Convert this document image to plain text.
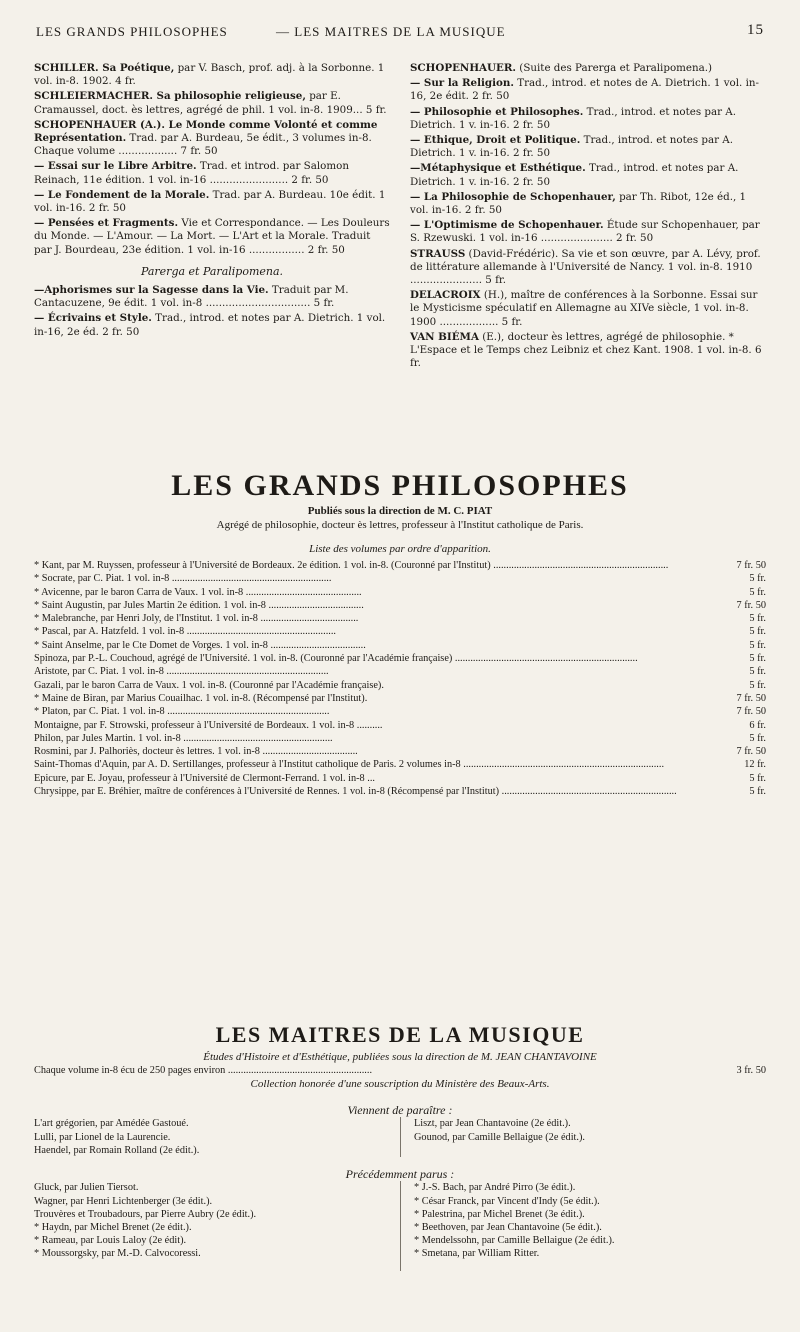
LES GRANDS PHILOSOPHES	— LES MAITRES DE LA MUSIQUE	15

SCHILLER. Sa Poétique, par V. Basch, prof. adj. à la Sorbonne. 1 vol. in-8. 1902. 4 fr.

SCHLEIERMACHER. Sa philosophie religieuse, par E. Cramaussel, doct. ès lettres, agrégé de phil. 1 vol. in-8. 1909... 5 fr.

SCHOPENHAUER (A.). Le Monde comme Volonté et comme Représentation. Trad. par A. Burdeau, 5e édit., 3 volumes in-8. Chaque volume .................. 7 fr. 50

— Essai sur le Libre Arbitre. Trad. et introd. par Salomon Reinach, 11e édition. 1 vol. in-16 ........................ 2 fr. 50

— Le Fondement de la Morale. Trad. par A. Burdeau. 10e édit. 1 vol. in-16. 2 fr. 50

— Pensées et Fragments. Vie et Correspondance. — Les Douleurs du Monde. — L'Amour. — La Mort. — L'Art et la Morale. Traduit par J. Bourdeau, 23e édition. 1 vol. in-16 ................. 2 fr. 50

Parerga et Paralipomena.

—Aphorismes sur la Sagesse dans la Vie. Traduit par M. Cantacuzene, 9e édit. 1 vol. in-8 ................................ 5 fr.

— Écrivains et Style. Trad., introd. et notes par A. Dietrich. 1 vol. in-16, 2e éd. 2 fr. 50

SCHOPENHAUER. (Suite des Parerga et Paralipomena.)

— Sur la Religion. Trad., introd. et notes de A. Dietrich. 1 vol. in-16, 2e édit. 2 fr. 50

— Philosophie et Philosophes. Trad., introd. et notes par A. Dietrich. 1 v. in-16. 2 fr. 50

— Ethique, Droit et Politique. Trad., introd. et notes par A. Dietrich. 1 v. in-16. 2 fr. 50

—Métaphysique et Esthétique. Trad., introd. et notes par A. Dietrich. 1 v. in-16. 2 fr. 50

— La Philosophie de Schopenhauer, par Th. Ribot, 12e éd., 1 vol. in-16. 2 fr. 50

— L'Optimisme de Schopenhauer. Étude sur Schopenhauer, par S. Rzewuski. 1 vol. in-16 ...................... 2 fr. 50

STRAUSS (David-Frédéric). Sa vie et son œuvre, par A. Lévy, prof. de littérature allemande à l'Université de Nancy. 1 vol. in-8. 1910 ...................... 5 fr.

DELACROIX (H.), maître de conférences à la Sorbonne. Essai sur le Mysticisme spéculatif en Allemagne au XIVe siècle, 1 vol. in-8. 1900 .................. 5 fr.

VAN BIÉMA (E.), docteur ès lettres, agrégé de philosophie. * L'Espace et le Temps chez Leibniz et chez Kant. 1908. 1 vol. in-8. 6 fr.

LES GRANDS PHILOSOPHES
Publiés sous la direction de M. C. PIAT
Agrégé de philosophie, docteur ès lettres, professeur à l'Institut catholique de Paris.
Liste des volumes par ordre d'apparition.
* Kant, par M. Ruyssen, professeur à l'Université de Bordeaux. 2e édition. 1 vol. in-8. (Couronné par l'Institut) ....................................................................	7 fr. 50
* Socrate, par C. Piat. 1 vol. in-8 ..............................................................	5 fr.
* Avicenne, par le baron Carra de Vaux. 1 vol. in-8 .............................................	5 fr.
* Saint Augustin, par Jules Martin 2e édition. 1 vol. in-8 .....................................	7 fr. 50
* Malebranche, par Henri Joly, de l'Institut. 1 vol. in-8 ......................................	5 fr.
* Pascal, par A. Hatzfeld. 1 vol. in-8 ..........................................................	5 fr.
* Saint Anselme, par le Cte Domet de Vorges. 1 vol. in-8 .....................................	5 fr.
Spinoza, par P.-L. Couchoud, agrégé de l'Université. 1 vol. in-8. (Couronné par l'Académie française) .......................................................................	5 fr.
Aristote, par C. Piat. 1 vol. in-8 ...............................................................	5 fr.
Gazali, par le baron Carra de Vaux. 1 vol. in-8. (Couronné par l'Académie française).	5 fr.
* Maine de Biran, par Marius Couailhac. 1 vol. in-8. (Récompensé par l'Institut).	7 fr. 50
* Platon, par C. Piat. 1 vol. in-8 ...............................................................	7 fr. 50
Montaigne, par F. Strowski, professeur à l'Université de Bordeaux. 1 vol. in-8 ..........	6 fr.
Philon, par Jules Martin. 1 vol. in-8 ..........................................................	5 fr.
Rosmini, par J. Palhoriès, docteur ès lettres. 1 vol. in-8 .....................................	7 fr. 50
Saint-Thomas d'Aquin, par A. D. Sertillanges, professeur à l'Institut catholique de Paris. 2 volumes in-8 ..............................................................................	12 fr.
Epicure, par E. Joyau, professeur à l'Université de Clermont-Ferrand. 1 vol. in-8 ...	5 fr.
Chrysippe, par E. Bréhier, maître de conférences à l'Université de Rennes. 1 vol. in-8 (Récompensé par l'Institut) ....................................................................	5 fr.
LES MAITRES DE LA MUSIQUE
Études d'Histoire et d'Esthétique, publiées sous la direction de M. JEAN CHANTAVOINE
Chaque volume in-8 écu de 250 pages environ ........................................................	3 fr. 50
Collection honorée d'une souscription du Ministère des Beaux-Arts.
Viennent de paraître :
L'art grégorien, par Amédée Gastoué.
Lulli, par Lionel de la Laurencie.
Haendel, par Romain Rolland (2e édit.).
Liszt, par Jean Chantavoine (2e édit.).
Gounod, par Camille Bellaigue (2e édit.).
Précédemment parus :
Gluck, par Julien Tiersot.
Wagner, par Henri Lichtenberger (3e édit.).
Trouvères et Troubadours, par Pierre Aubry (2e édit.).
* Haydn, par Michel Brenet (2e édit.).
* Rameau, par Louis Laloy (2e édit).
* Moussorgsky, par M.-D. Calvocoressi.
* J.-S. Bach, par André Pirro (3e édit.).
* César Franck, par Vincent d'Indy (5e édit.).
* Palestrina, par Michel Brenet (3e édit.).
* Beethoven, par Jean Chantavoine (5e édit.).
* Mendelssohn, par Camille Bellaigue (2e édit.).
* Smetana, par William Ritter.
